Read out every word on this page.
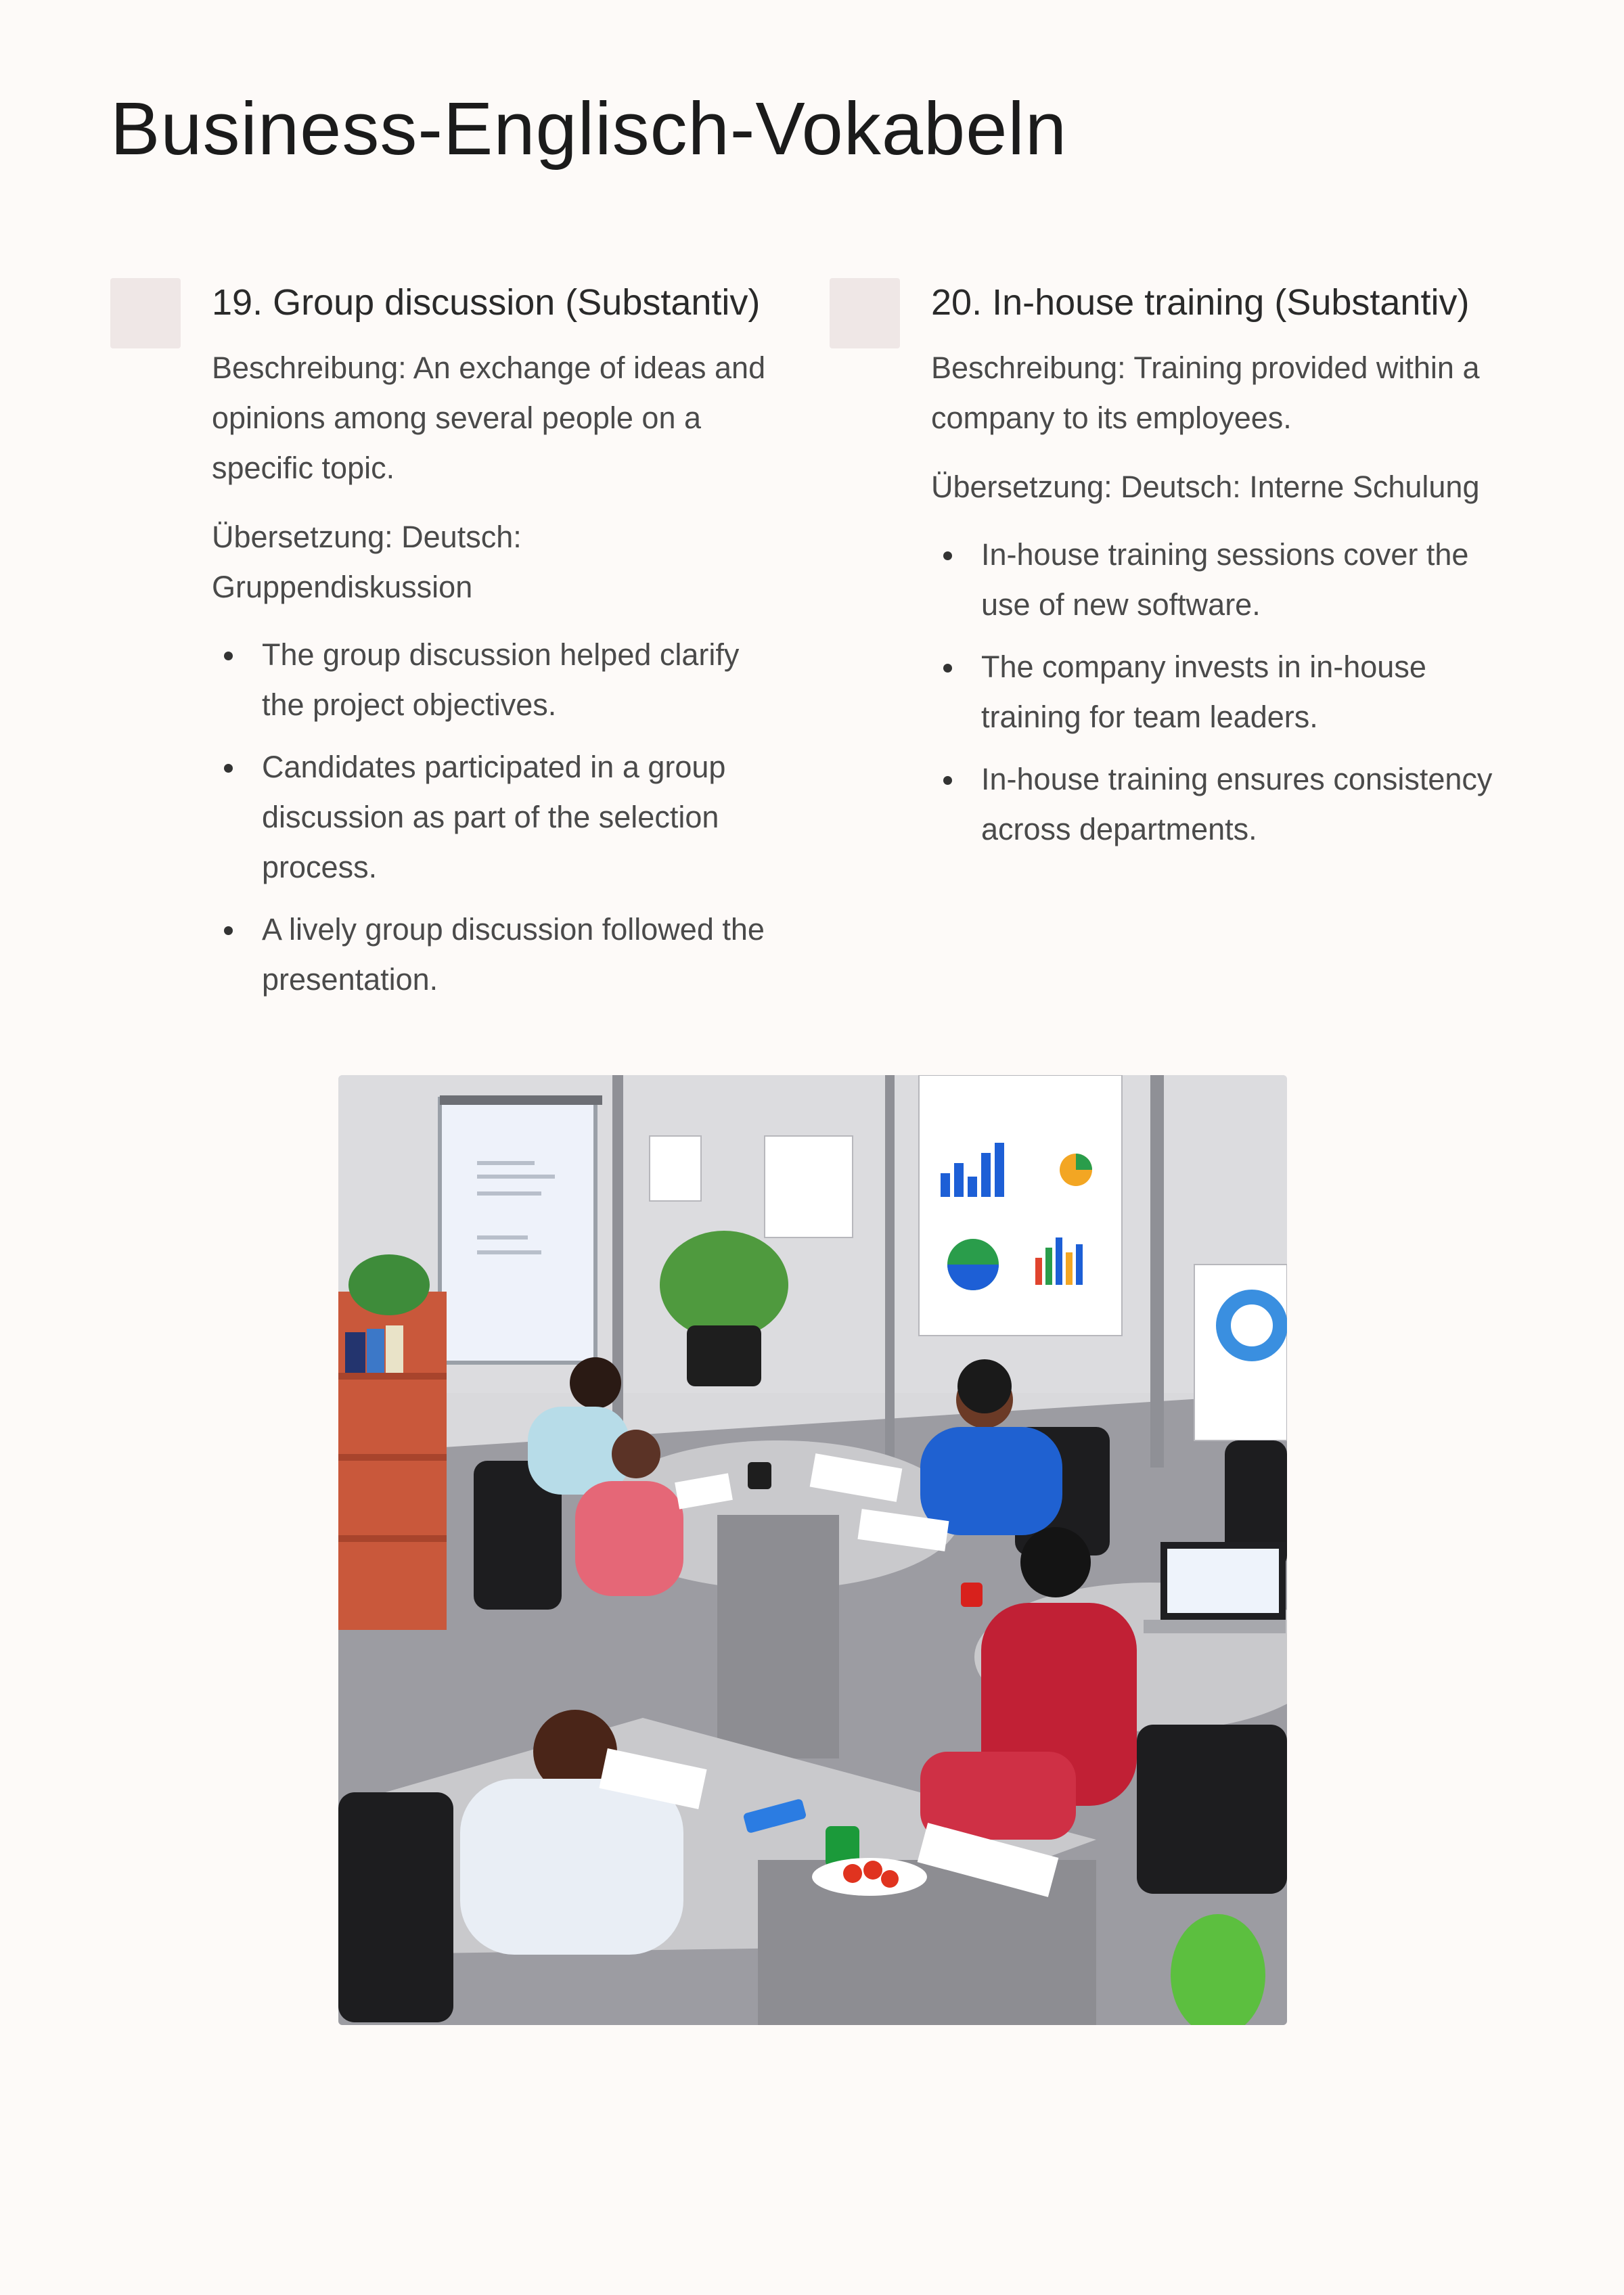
Business-Englisch-Vokabeln
19. Group discussion (Substantiv)

Beschreibung: An exchange of ideas and opinions among several people on a specific topic.

Übersetzung: Deutsch: Gruppendiskussion

The group discussion helped clarify the project objectives.
Candidates participated in a group discussion as part of the selection process.
A lively group discussion followed the presentation.
20. In-house training (Substantiv)

Beschreibung: Training provided within a company to its employees.

Übersetzung: Deutsch: Interne Schulung

In-house training sessions cover the use of new software.
The company invests in in-house training for team leaders.
In-house training ensures consistency across departments.
